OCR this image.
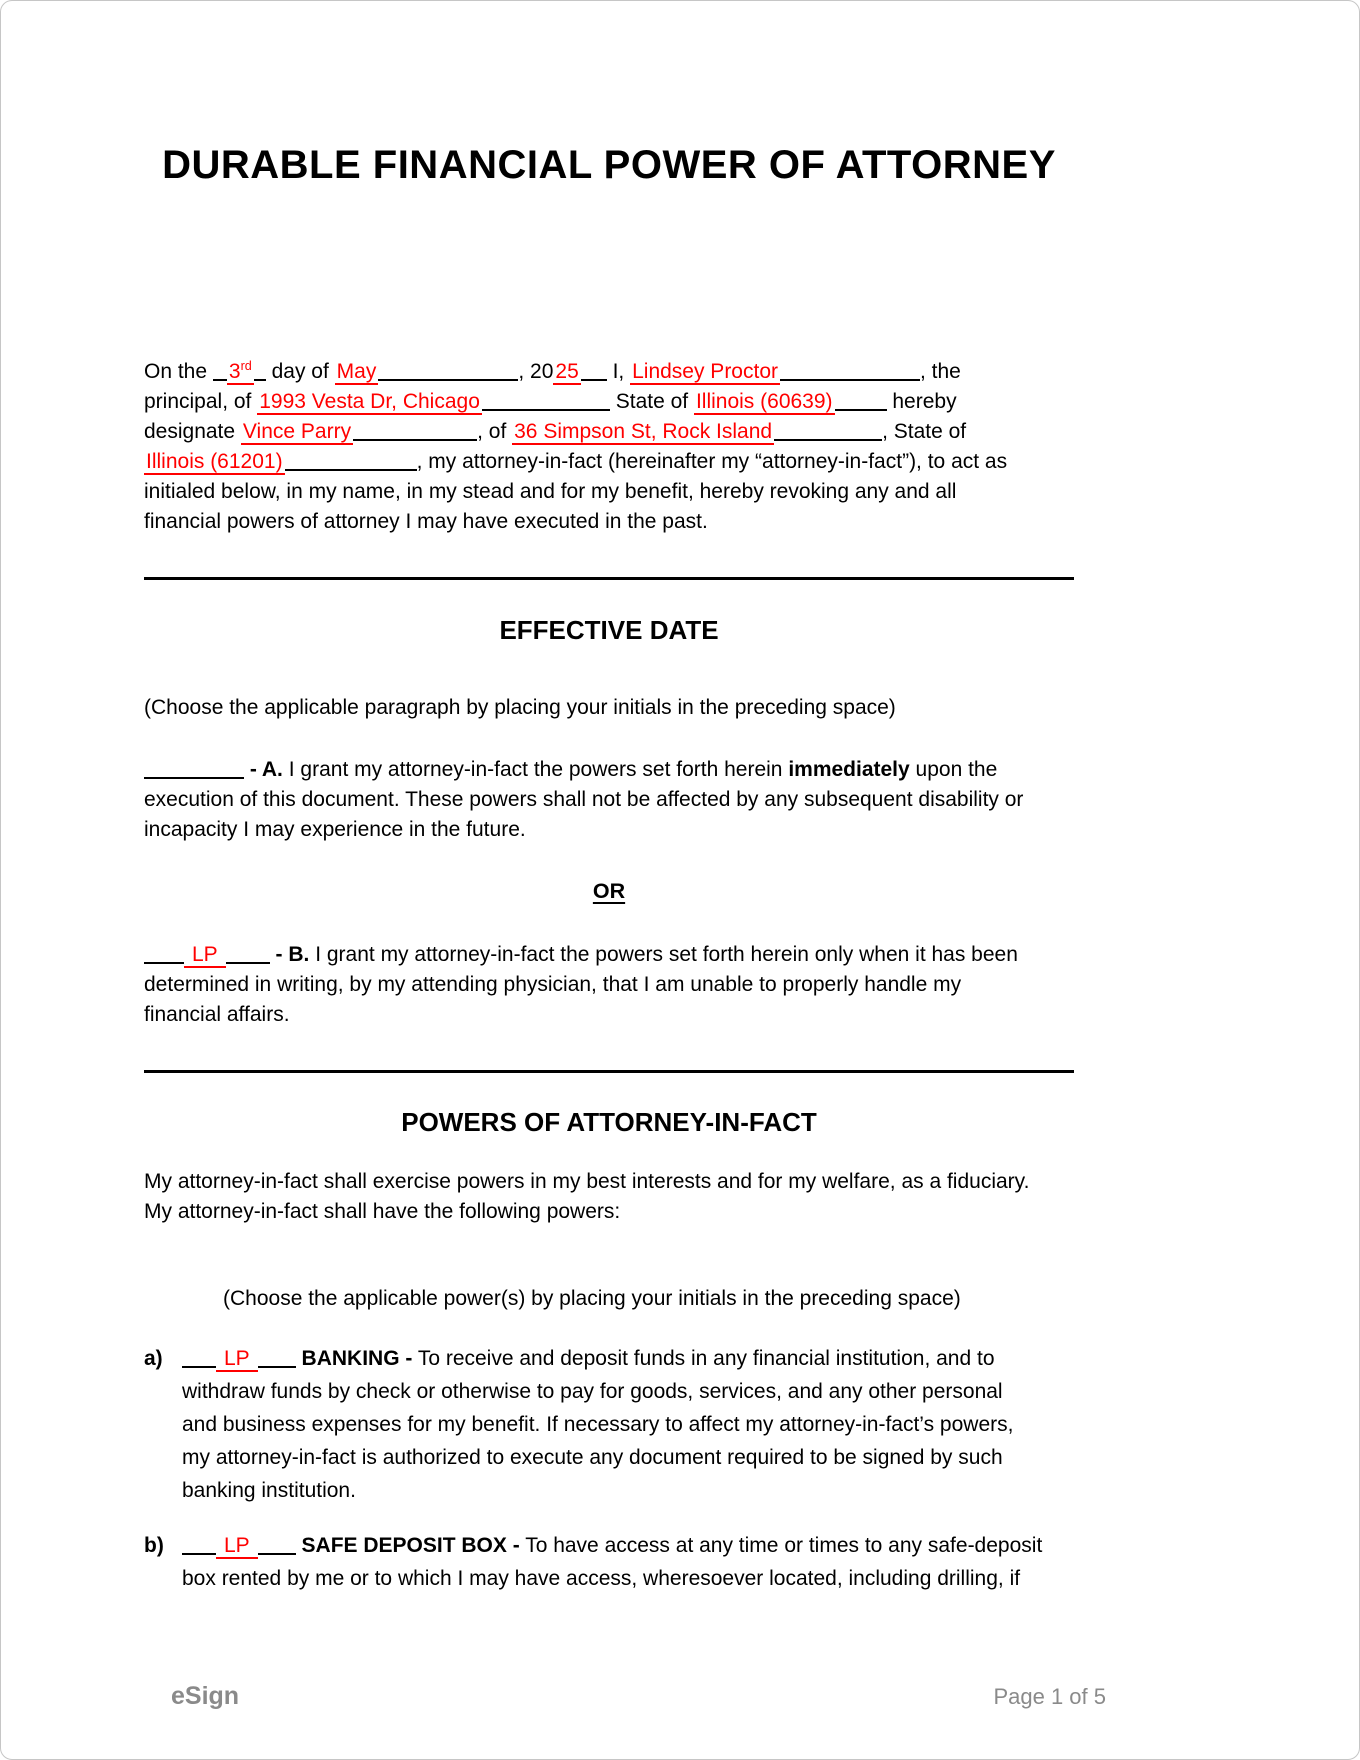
DURABLE FINANCIAL POWER OF ATTORNEY
On the 3rd day of May	, 2025 I, Lindsey Proctor	, the
principal, of 1993 Vesta Dr, Chicago	State of Illinois (60639)	hereby
designate Vince Parry	, of 36 Simpson St, Rock Island	, State of
Illinois (61201)	, my attorney-in-fact (hereinafter my “attorney-in-fact”), to act as
initialed below, in my name, in my stead and for my benefit, hereby revoking any and all
financial powers of attorney I may have executed in the past.
EFFECTIVE DATE
(Choose the applicable paragraph by placing your initials in the preceding space)
- A. I grant my attorney-in-fact the powers set forth herein immediately upon the
execution of this document. These powers shall not be affected by any subsequent disability or
incapacity I may experience in the future.
OR
LP	- B. I grant my attorney-in-fact the powers set forth herein only when it has been
determined in writing, by my attending physician, that I am unable to properly handle my
financial affairs.
POWERS OF ATTORNEY-IN-FACT
My attorney-in-fact shall exercise powers in my best interests and for my welfare, as a fiduciary.
My attorney-in-fact shall have the following powers:
(Choose the applicable power(s) by placing your initials in the preceding space)
a)	LP BANKING - To receive and deposit funds in any financial institution, and to
withdraw funds by check or otherwise to pay for goods, services, and any other personal
and business expenses for my benefit. If necessary to affect my attorney-in-fact’s powers,
my attorney-in-fact is authorized to execute any document required to be signed by such
banking institution.
b)	LP SAFE DEPOSIT BOX - To have access at any time or times to any safe-deposit
box rented by me or to which I may have access, wheresoever located, including drilling, if
eSign	Page 1 of 5
